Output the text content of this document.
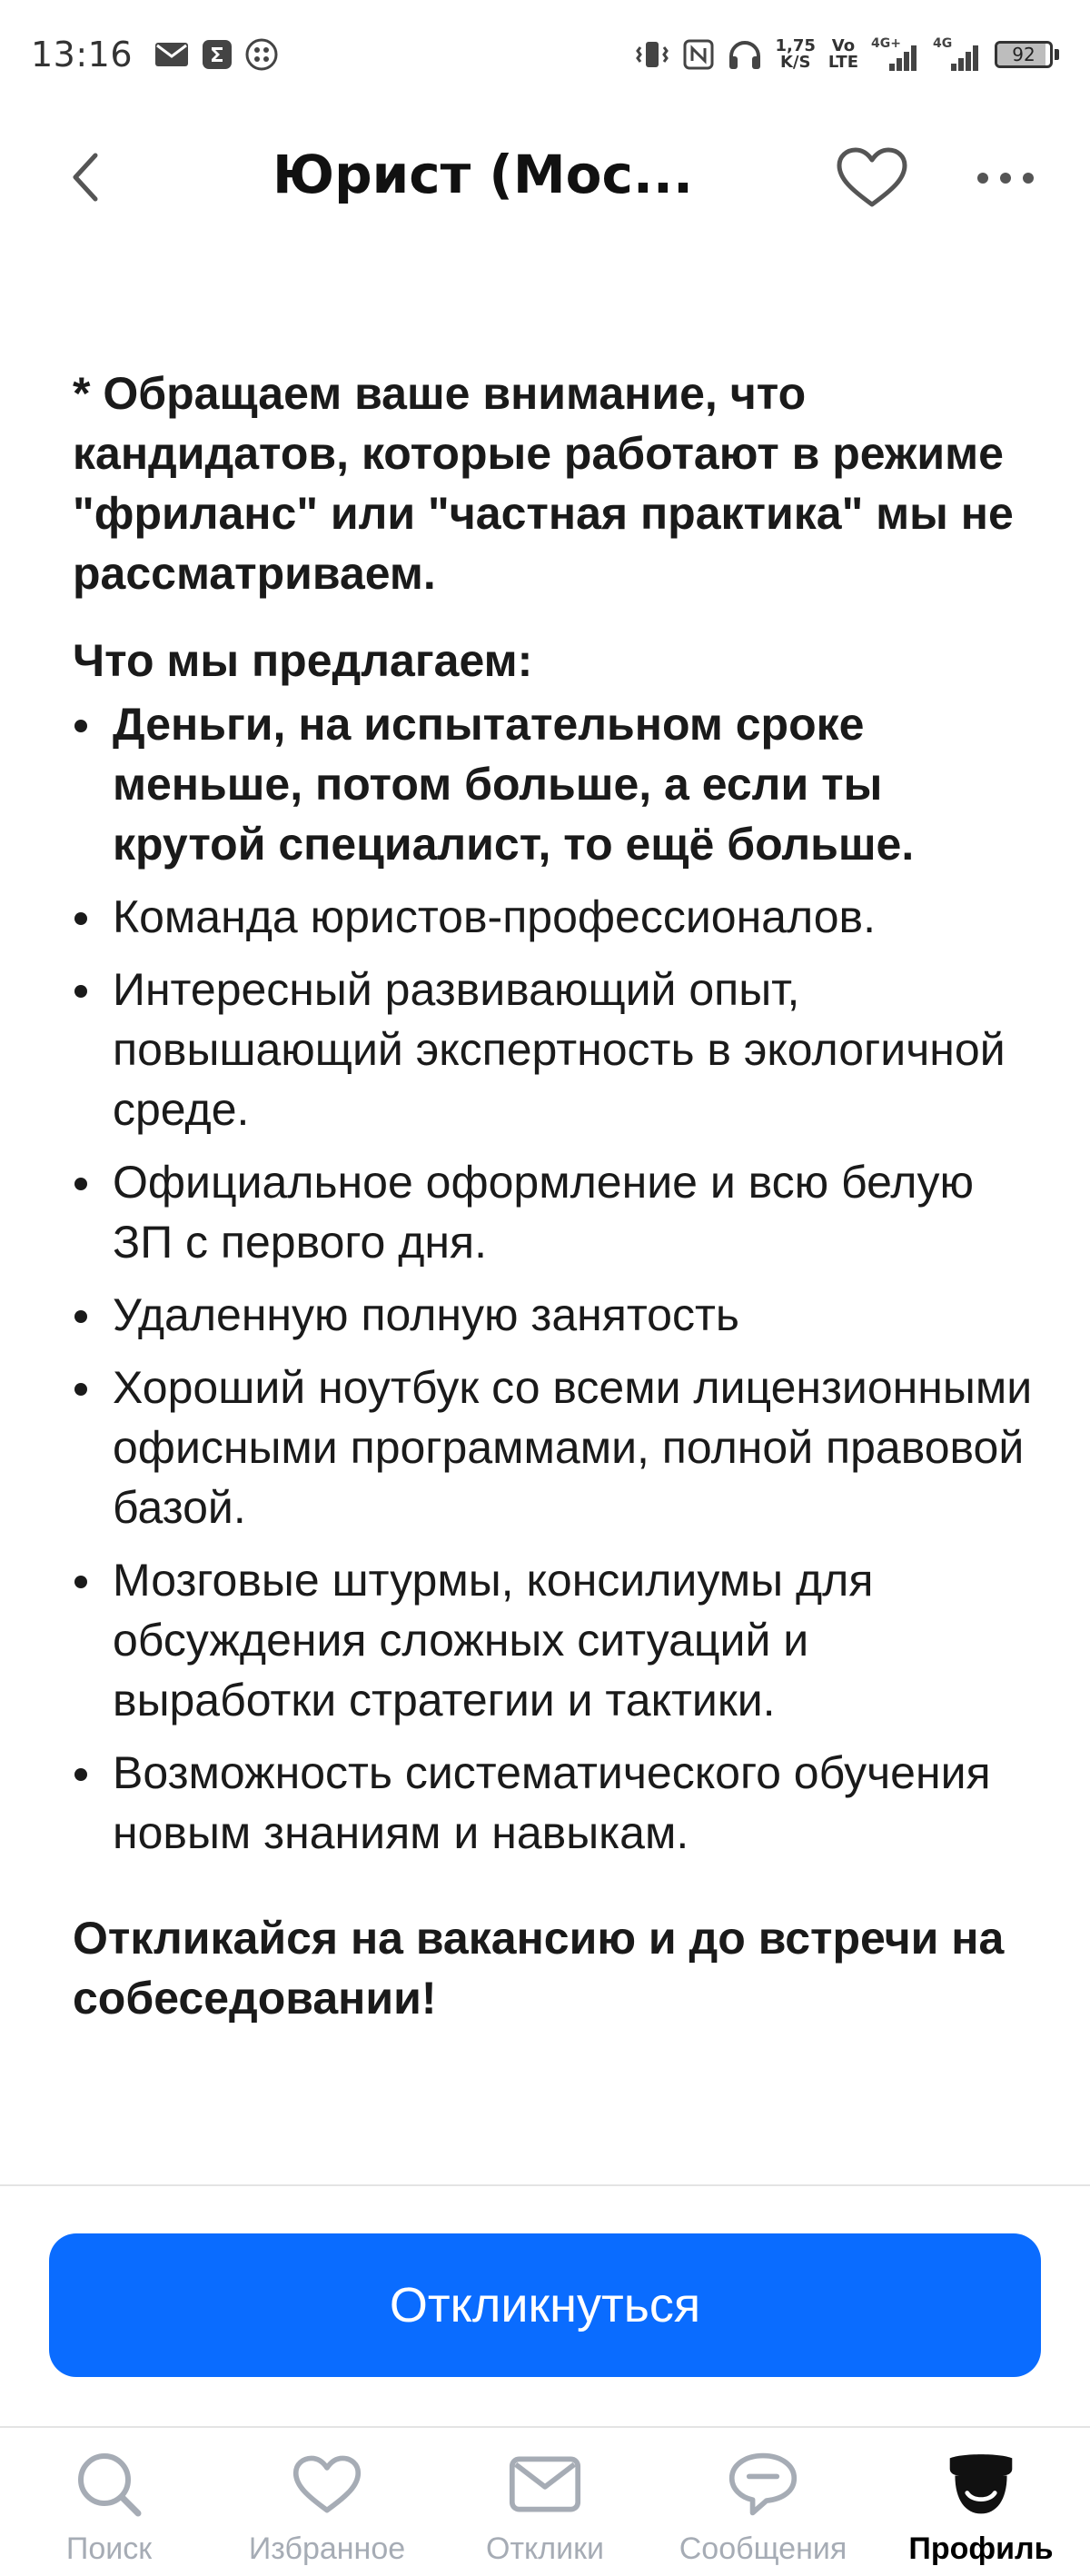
13:16	1,75
K/S
Vo
LTE
4G+	4G	92
Юрист (Мос...

* Обращаем ваше внимание, что кандидатов, которые работают в режиме "фриланс" или "частная практика" мы не рассматриваем.

Что мы предлагаем:

Деньги, на испытательном сроке меньше, потом больше, а если ты крутой специалист, то ещё больше.
Команда юристов-профессионалов.
Интересный развивающий опыт, повышающий экспертность в экологичной среде.
Официальное оформление и всю белую ЗП с первого дня.
Удаленную полную занятость
Хороший ноутбук со всеми лицензионными офисными программами, полной правовой базой.
Мозговые штурмы, консилиумы для обсуждения сложных ситуаций и выработки стратегии и тактики.
Возможность систематического обучения новым знаниям и навыкам.

Откликайся на вакансию и до встречи на собеседовании!

Откликнуться
Поиск	Избранное	Отклики Сообщения Профиль
